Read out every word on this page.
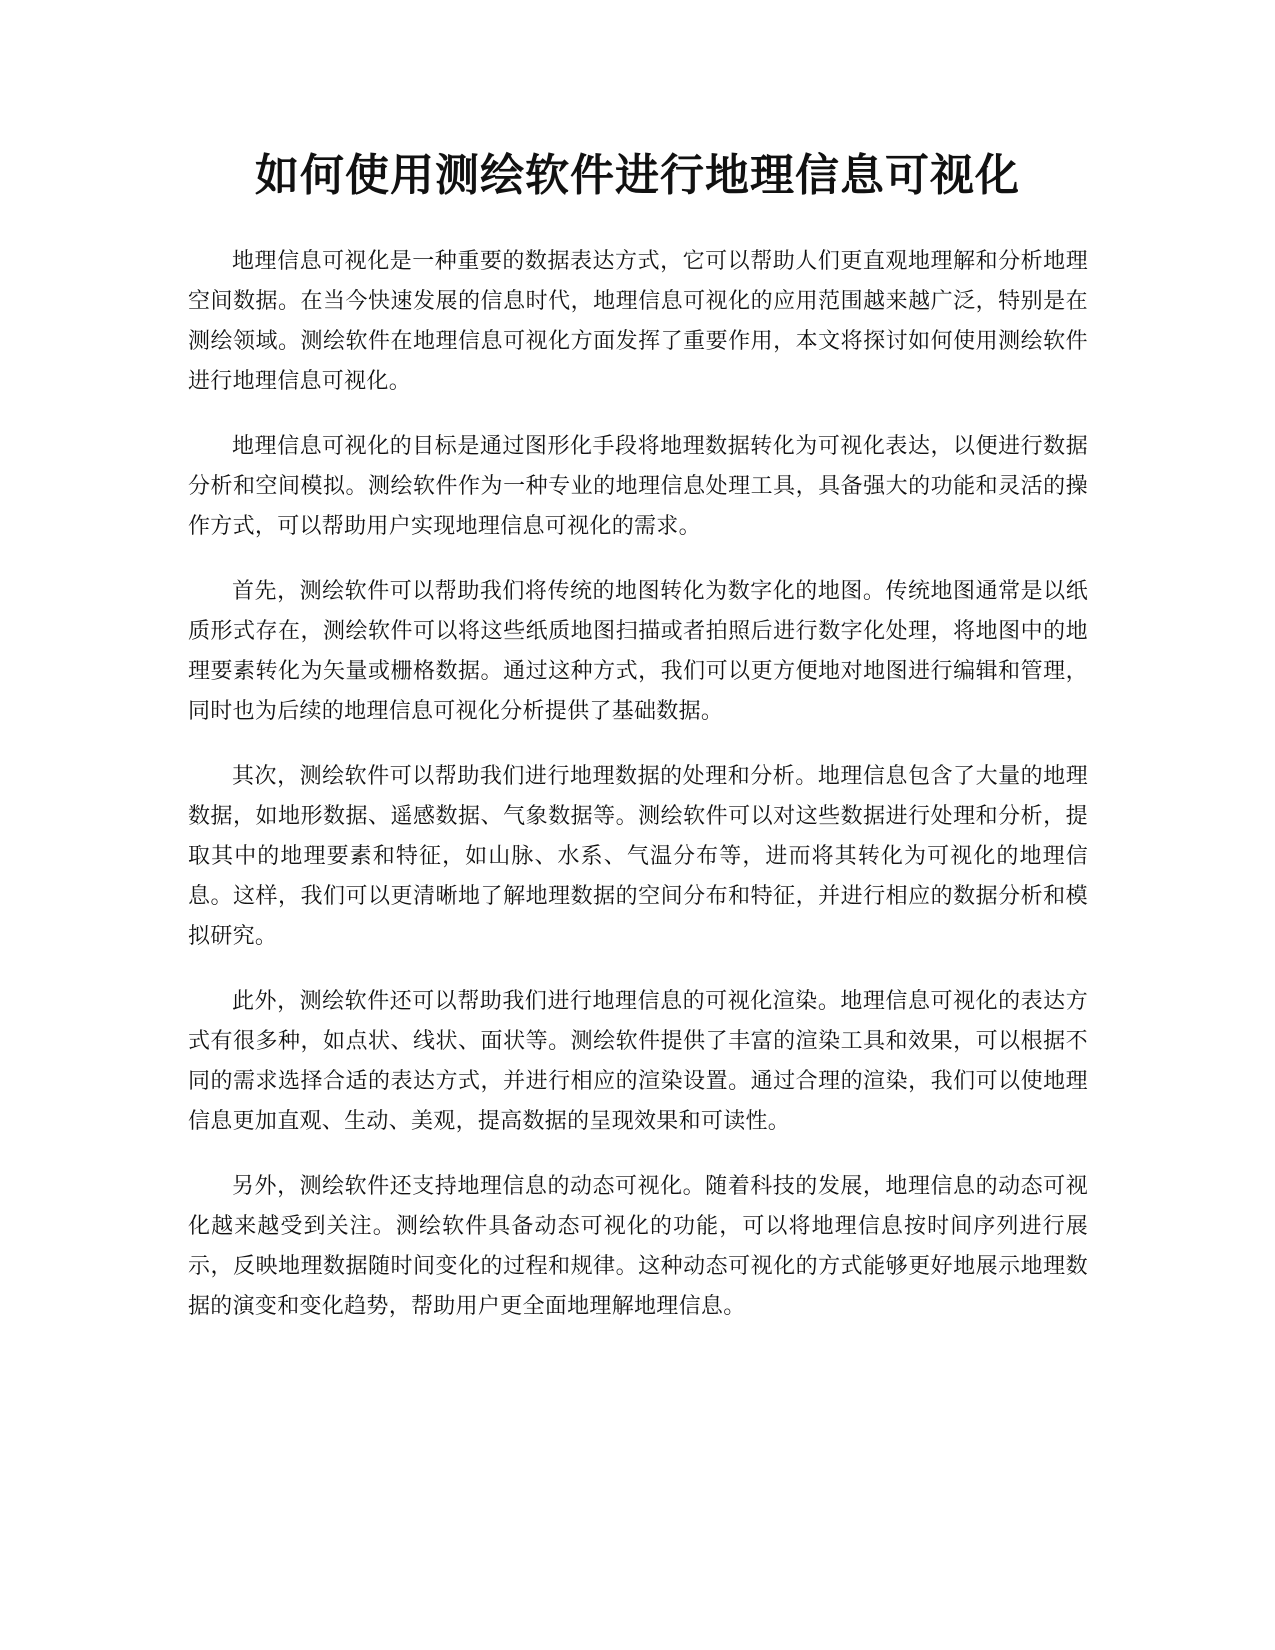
如何使用测绘软件进行地理信息可视化

地理信息可视化是一种重要的数据表达方式，它可以帮助人们更直观地理解和分析地理空间数据。在当今快速发展的信息时代，地理信息可视化的应用范围越来越广泛，特别是在测绘领域。测绘软件在地理信息可视化方面发挥了重要作用，本文将探讨如何使用测绘软件进行地理信息可视化。

地理信息可视化的目标是通过图形化手段将地理数据转化为可视化表达，以便进行数据分析和空间模拟。测绘软件作为一种专业的地理信息处理工具，具备强大的功能和灵活的操作方式，可以帮助用户实现地理信息可视化的需求。

首先，测绘软件可以帮助我们将传统的地图转化为数字化的地图。传统地图通常是以纸质形式存在，测绘软件可以将这些纸质地图扫描或者拍照后进行数字化处理，将地图中的地理要素转化为矢量或栅格数据。通过这种方式，我们可以更方便地对地图进行编辑和管理，同时也为后续的地理信息可视化分析提供了基础数据。

其次，测绘软件可以帮助我们进行地理数据的处理和分析。地理信息包含了大量的地理数据，如地形数据、遥感数据、气象数据等。测绘软件可以对这些数据进行处理和分析，提取其中的地理要素和特征，如山脉、水系、气温分布等，进而将其转化为可视化的地理信息。这样，我们可以更清晰地了解地理数据的空间分布和特征，并进行相应的数据分析和模拟研究。

此外，测绘软件还可以帮助我们进行地理信息的可视化渲染。地理信息可视化的表达方式有很多种，如点状、线状、面状等。测绘软件提供了丰富的渲染工具和效果，可以根据不同的需求选择合适的表达方式，并进行相应的渲染设置。通过合理的渲染，我们可以使地理信息更加直观、生动、美观，提高数据的呈现效果和可读性。

另外，测绘软件还支持地理信息的动态可视化。随着科技的发展，地理信息的动态可视化越来越受到关注。测绘软件具备动态可视化的功能，可以将地理信息按时间序列进行展示，反映地理数据随时间变化的过程和规律。这种动态可视化的方式能够更好地展示地理数据的演变和变化趋势，帮助用户更全面地理解地理信息。
